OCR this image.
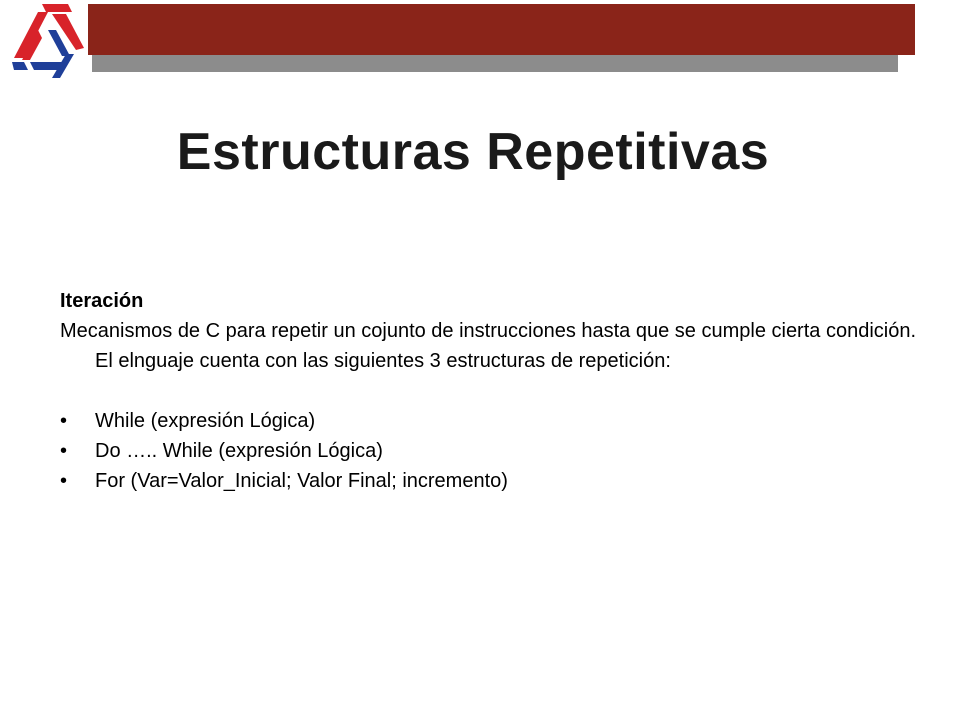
Estructuras Repetitivas
Iteración
Mecanismos de C para repetir un cojunto de instrucciones hasta que se cumple cierta condición. El elnguaje cuenta con las siguientes 3 estructuras de repetición:
•	While (expresión Lógica)
•	Do ….. While (expresión Lógica)
•	For (Var=Valor_Inicial; Valor Final; incremento)
